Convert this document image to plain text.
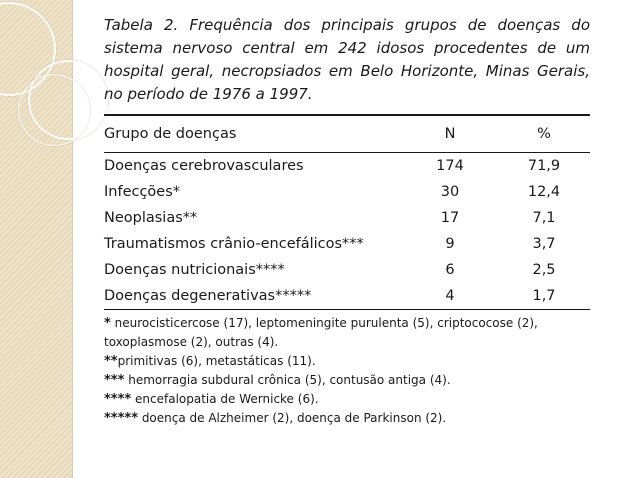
Tabela 2. Frequência dos principais grupos de doenças do sistema nervoso central em 242 idosos procedentes de um hospital geral, necropsiados em Belo Horizonte, Minas Gerais, no período de 1976 a 1997.

Grupo de doenças	N	%

Doenças cerebrovasculares	174	71,9
Infecções*	30	12,4
Neoplasias**	17	7,1
Traumatismos crânio-encefálicos***	9	3,7
Doenças nutricionais****	6	2,5
Doenças degenerativas*****	4	1,7
* neurocisticercose (17), leptomeningite purulenta (5), criptococose (2),
toxoplasmose (2), outras (4).
**primitivas (6), metastáticas (11).
*** hemorragia subdural crônica (5), contusão antiga (4).
**** encefalopatia de Wernicke (6).
***** doença de Alzheimer (2), doença de Parkinson (2).
